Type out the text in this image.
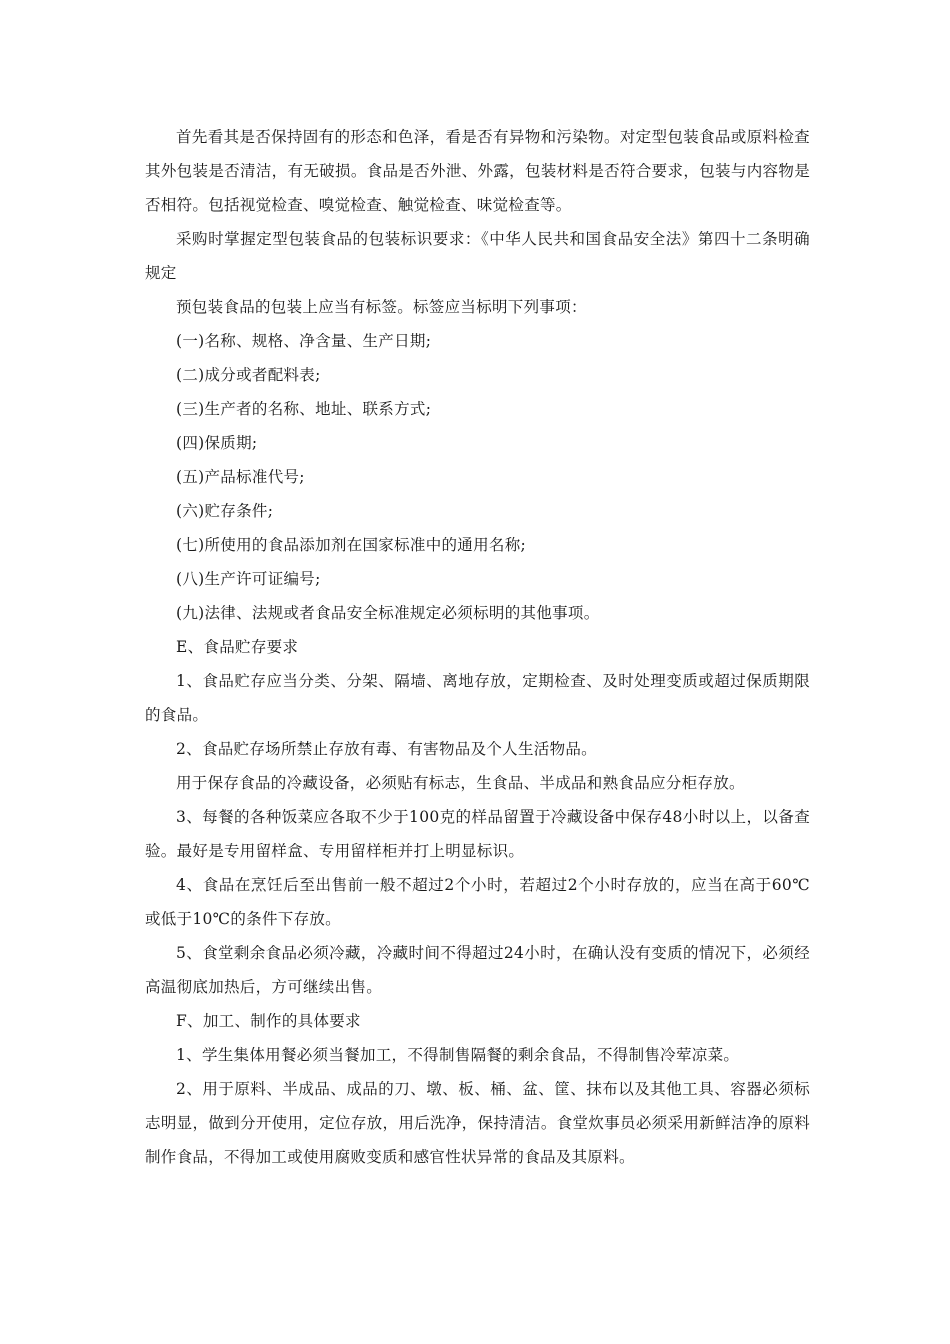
首先看其是否保持固有的形态和色泽，看是否有异物和污染物。对定型包装食品或原料检查其外包装是否清洁，有无破损。食品是否外泄、外露，包装材料是否符合要求，包装与内容物是否相符。包括视觉检查、嗅觉检查、触觉检查、味觉检查等。

采购时掌握定型包装食品的包装标识要求：《中华人民共和国食品安全法》第四十二条明确规定

预包装食品的包装上应当有标签。标签应当标明下列事项：

(一)名称、规格、净含量、生产日期;

(二)成分或者配料表;

(三)生产者的名称、地址、联系方式;

(四)保质期;

(五)产品标准代号;

(六)贮存条件;

(七)所使用的食品添加剂在国家标准中的通用名称;

(八)生产许可证编号;

(九)法律、法规或者食品安全标准规定必须标明的其他事项。

E、食品贮存要求

1、食品贮存应当分类、分架、隔墙、离地存放，定期检查、及时处理变质或超过保质期限的食品。

2、食品贮存场所禁止存放有毒、有害物品及个人生活物品。

用于保存食品的冷藏设备，必须贴有标志，生食品、半成品和熟食品应分柜存放。

3、每餐的各种饭菜应各取不少于100克的样品留置于冷藏设备中保存48小时以上，以备查验。最好是专用留样盒、专用留样柜并打上明显标识。

4、食品在烹饪后至出售前一般不超过2个小时，若超过2个小时存放的，应当在高于60℃或低于10℃的条件下存放。

5、食堂剩余食品必须冷藏，冷藏时间不得超过24小时，在确认没有变质的情况下，必须经高温彻底加热后，方可继续出售。

F、加工、制作的具体要求

1、学生集体用餐必须当餐加工，不得制售隔餐的剩余食品，不得制售冷荤凉菜。

2、用于原料、半成品、成品的刀、墩、板、桶、盆、筐、抹布以及其他工具、容器必须标志明显，做到分开使用，定位存放，用后洗净，保持清洁。食堂炊事员必须采用新鲜洁净的原料制作食品，不得加工或使用腐败变质和感官性状异常的食品及其原料。
